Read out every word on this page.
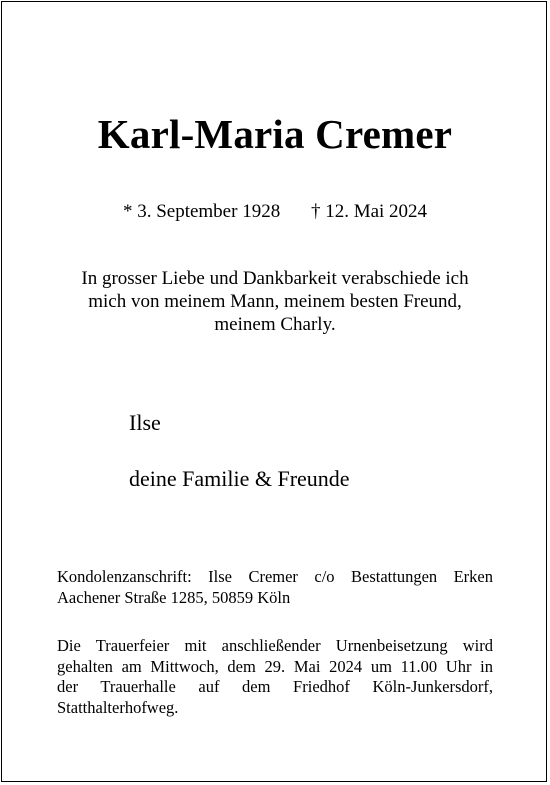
Karl-Maria Cremer
* 3. September 1928 † 12. Mai 2024
In grosser Liebe und Dankbarkeit verabschiede ich
mich von meinem Mann, meinem besten Freund,
meinem Charly.
Ilse
deine Familie & Freunde
Kondolenzanschrift: Ilse Cremer c/o Bestattungen Erken
Aachener Straße 1285, 50859 Köln
Die Trauerfeier mit anschließender Urnenbeisetzung wird
gehalten am Mittwoch, dem 29. Mai 2024 um 11.00 Uhr in
der Trauerhalle auf dem Friedhof Köln-Junkersdorf,
Statthalterhofweg.
